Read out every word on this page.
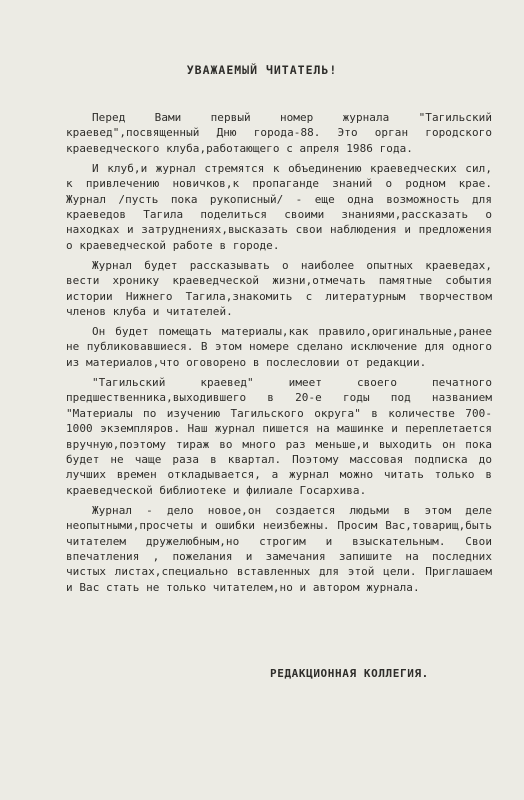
УВАЖАЕМЫЙ ЧИТАТЕЛЬ!

Перед Вами первый номер журнала "Тагильский краевед",посвященный Дню города-88. Это орган городского краеведческого клуба,работающего с апреля 1986 года.

И клуб,и журнал стремятся к объединению краеведческих сил, к привлечению новичков,к пропаганде знаний о родном крае. Журнал /пусть пока рукописный/ - еще одна возможность для краеведов Тагила поделиться своими знаниями,рассказать о находках и затруднениях,высказать свои наблюдения и предложения о краеведческой работе в городе.

Журнал будет рассказывать о наиболее опытных краеведах, вести хронику краеведческой жизни,отмечать памятные события истории Нижнего Тагила,знакомить с литературным творчеством членов клуба и читателей.

Он будет помещать материалы,как правило,оригинальные,ранее не публиковавшиеся. В этом номере сделано исключение для одного из материалов,что оговорено в послесловии от редакции.

"Тагильский краевед" имеет своего печатного предшественника,выходившего в 20-е годы под названием "Материалы по изучению Тагильского округа" в количестве 700-1000 экземпляров. Наш журнал пишется на машинке и переплетается вручную,поэтому тираж во много раз меньше,и выходить он пока будет не чаще раза в квартал. Поэтому массовая подписка до лучших времен откладывается, а журнал можно читать только в краеведческой библиотеке и филиале Госархива.

Журнал - дело новое,он создается людьми в этом деле неопытными,просчеты и ошибки неизбежны. Просим Вас,товарищ,быть читателем дружелюбным,но строгим и взыскательным. Свои впечатления , пожелания и замечания запишите на последних чистых листах,специально вставленных для этой цели. Приглашаем и Вас стать не только читателем,но и автором журнала.

РЕДАКЦИОННАЯ КОЛЛЕГИЯ.
